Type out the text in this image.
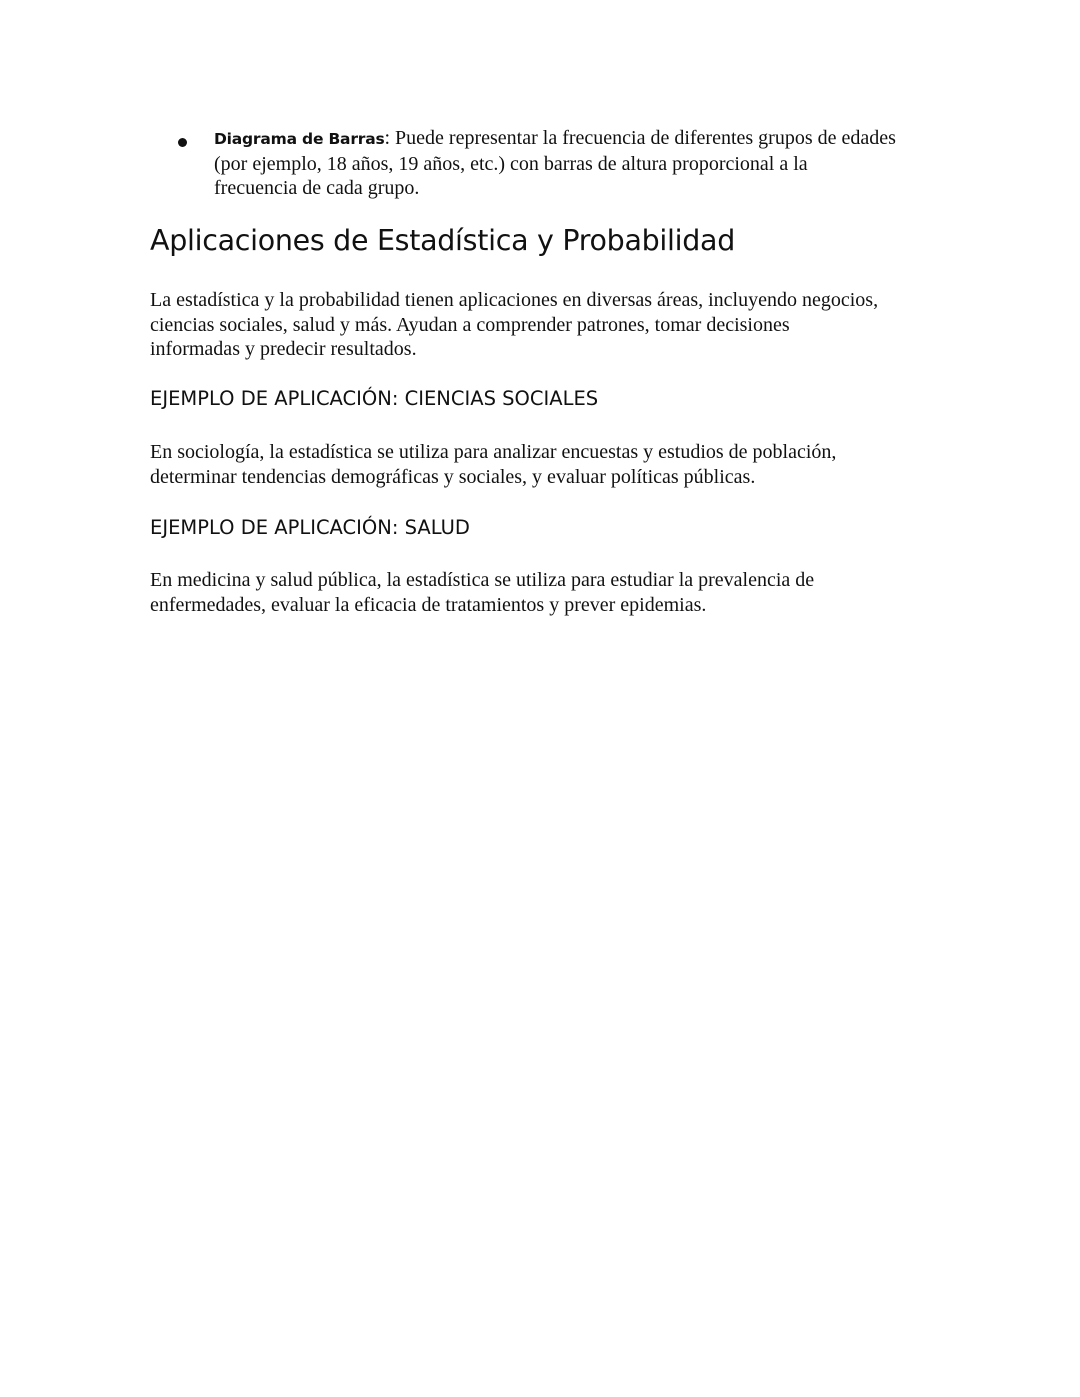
Diagrama de Barras: Puede representar la frecuencia de diferentes grupos de edades
(por ejemplo, 18 años, 19 años, etc.) con barras de altura proporcional a la
frecuencia de cada grupo.
Aplicaciones de Estadística y Probabilidad

La estadística y la probabilidad tienen aplicaciones en diversas áreas, incluyendo negocios,
ciencias sociales, salud y más. Ayudan a comprender patrones, tomar decisiones
informadas y predecir resultados.

EJEMPLO DE APLICACIÓN: CIENCIAS SOCIALES

En sociología, la estadística se utiliza para analizar encuestas y estudios de población,
determinar tendencias demográficas y sociales, y evaluar políticas públicas.

EJEMPLO DE APLICACIÓN: SALUD

En medicina y salud pública, la estadística se utiliza para estudiar la prevalencia de
enfermedades, evaluar la eficacia de tratamientos y prever epidemias.
